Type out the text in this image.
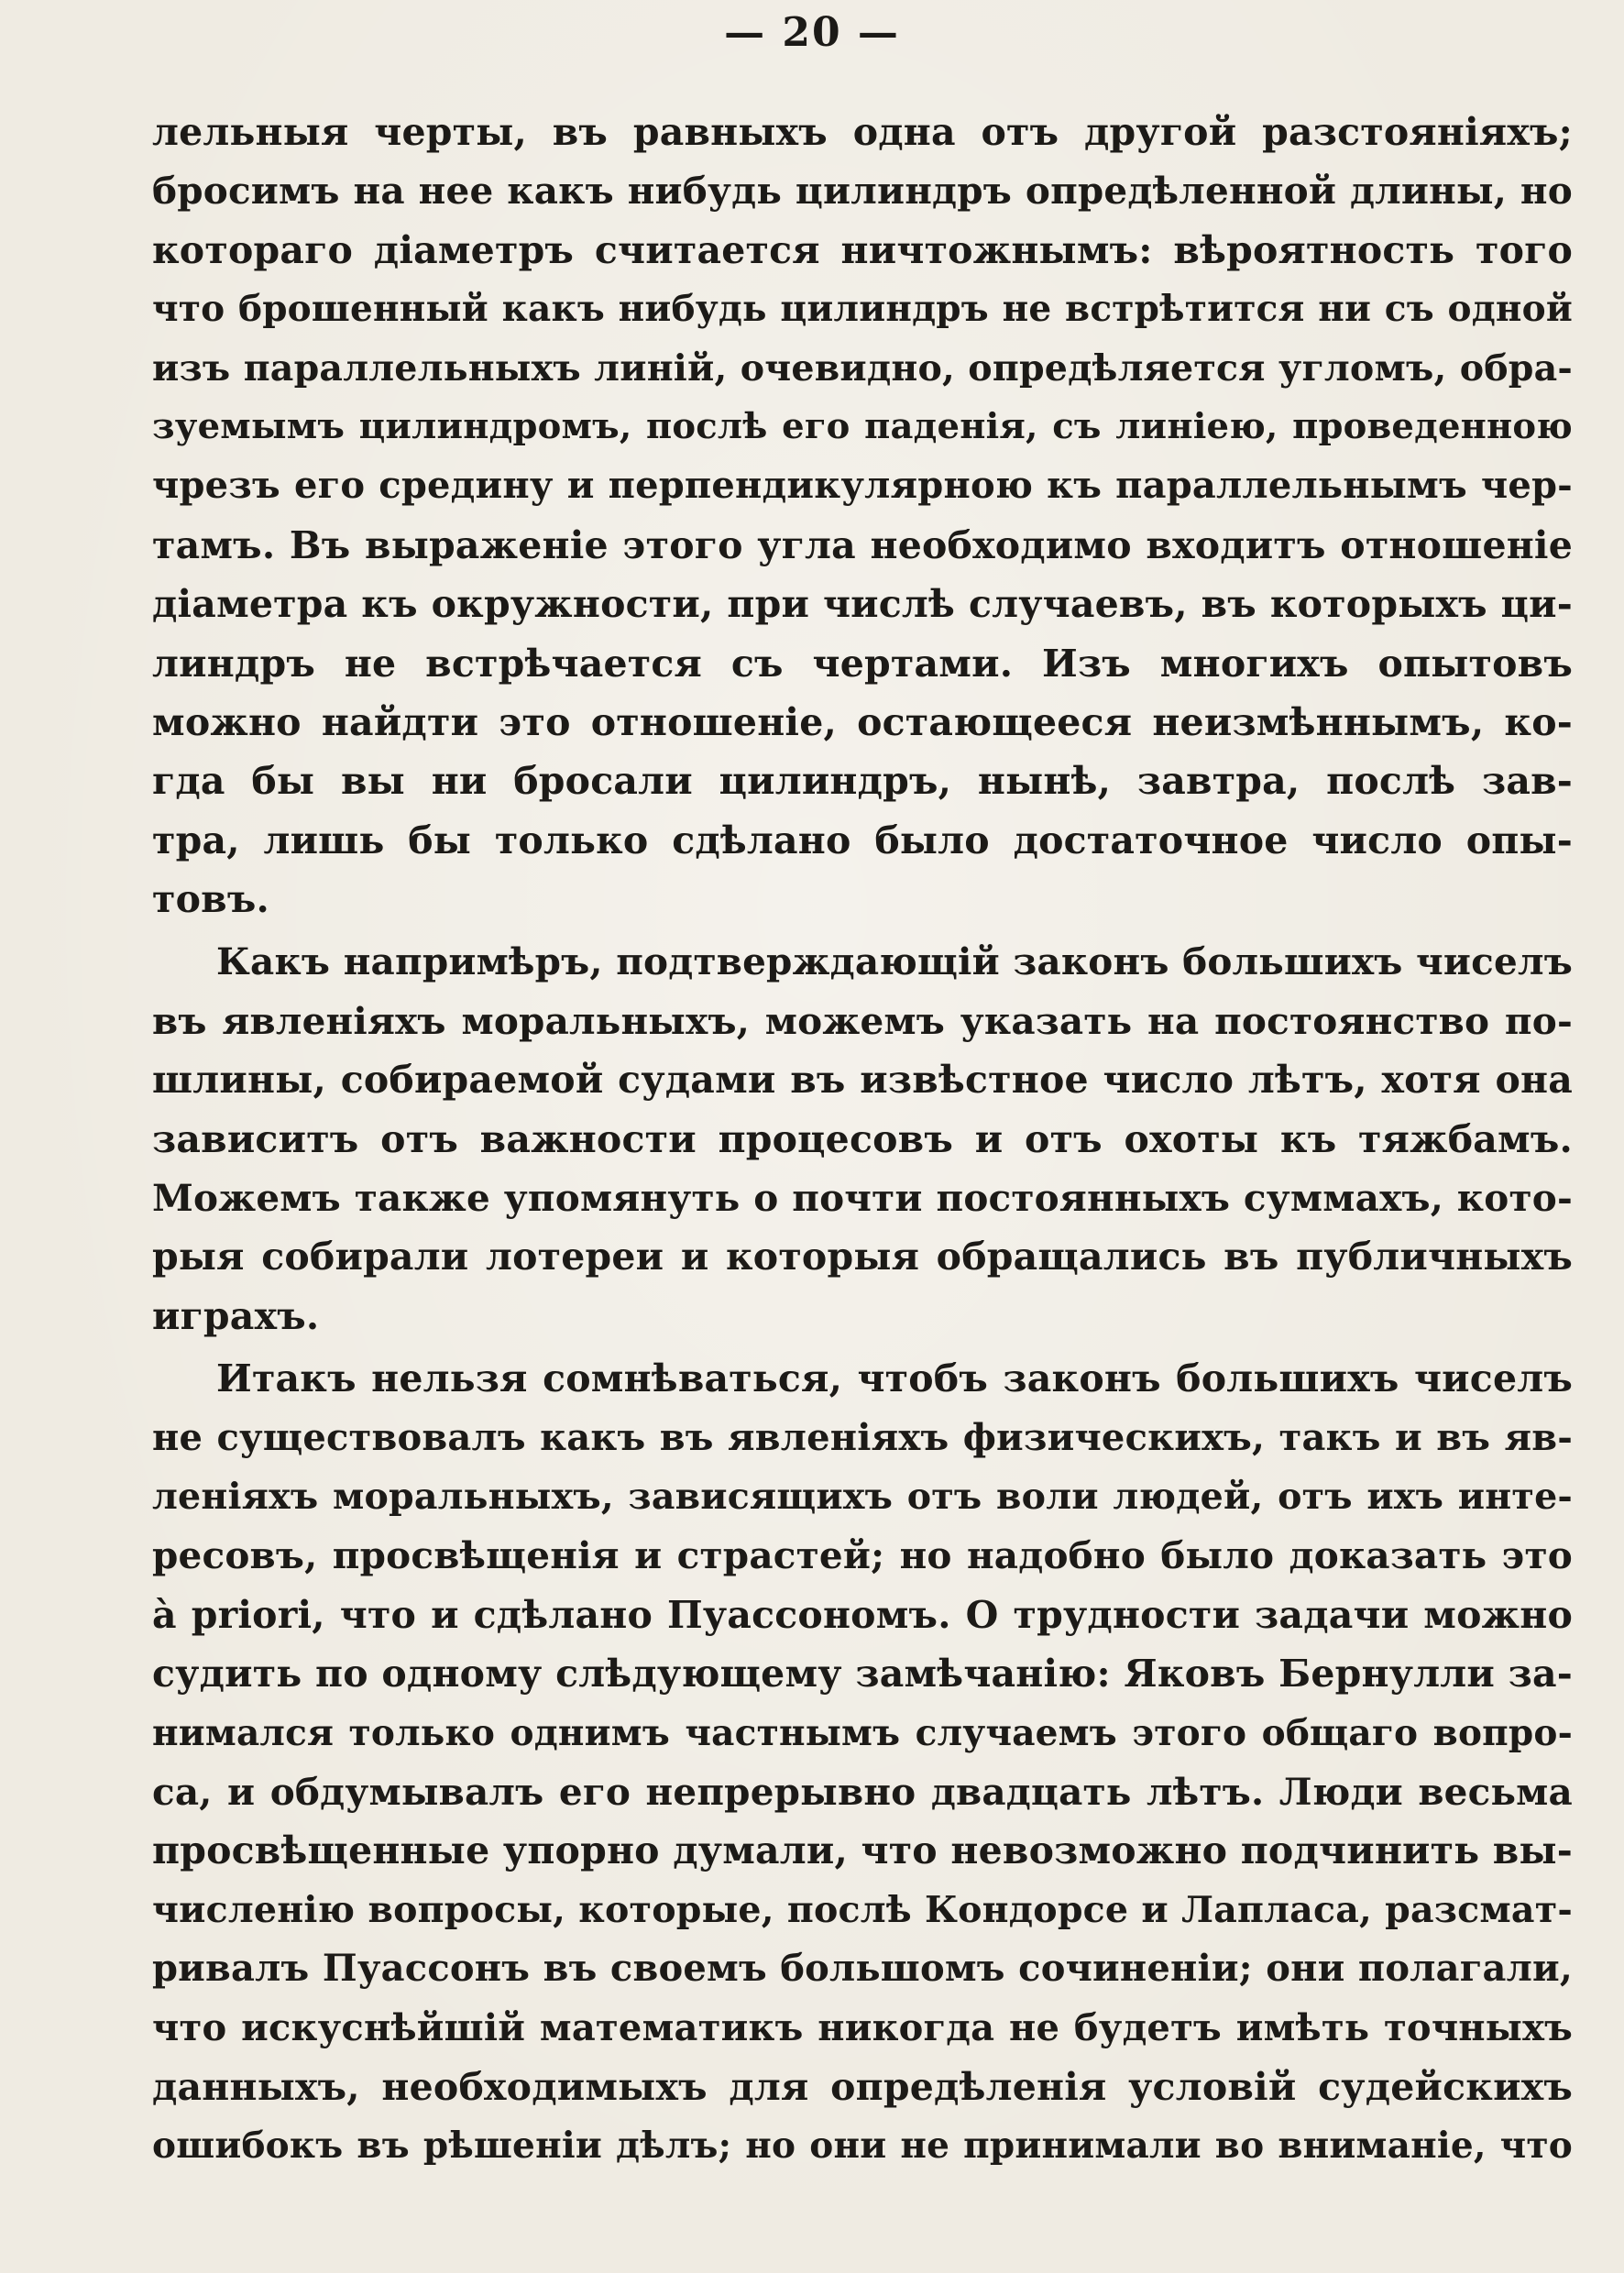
— 20 —
лельныя черты, въ равныхъ одна отъ другой разстояніяхъ;
бросимъ на нее какъ нибудь цилиндръ опредѣленной длины, но
котораго діаметръ считается ничтожнымъ: вѣроятность того
что брошенный какъ нибудь цилиндръ не встрѣтится ни съ одной
изъ параллельныхъ линій, очевидно, опредѣляется угломъ, обра-
зуемымъ цилиндромъ, послѣ его паденія, съ линіею, проведенною
чрезъ его средину и перпендикулярною къ параллельнымъ чер-
тамъ. Въ выраженіе этого угла необходимо входитъ отношеніе
діаметра къ окружности, при числѣ случаевъ, въ которыхъ ци-
линдръ не встрѣчается съ чертами. Изъ многихъ опытовъ
можно найдти это отношеніе, остающееся неизмѣннымъ, ко-
гда бы вы ни бросали цилиндръ, нынѣ, завтра, послѣ зав-
тра, лишь бы только сдѣлано было достаточное число опы-
товъ.
Какъ напримѣръ, подтверждающій законъ большихъ чиселъ
въ явленіяхъ моральныхъ, можемъ указать на постоянство по-
шлины, собираемой судами въ извѣстное число лѣтъ, хотя она
зависитъ отъ важности процесовъ и отъ охоты къ тяжбамъ.
Можемъ также упомянуть о почти постоянныхъ суммахъ, кото-
рыя собирали лотереи и которыя обращались въ публичныхъ
играхъ.
Итакъ нельзя сомнѣваться, чтобъ законъ большихъ чиселъ
не существовалъ какъ въ явленіяхъ физическихъ, такъ и въ яв-
леніяхъ моральныхъ, зависящихъ отъ воли людей, отъ ихъ инте-
ресовъ, просвѣщенія и страстей; но надобно было доказать это
à priori, что и сдѣлано Пуассономъ. О трудности задачи можно
судить по одному слѣдующему замѣчанію: Яковъ Бернулли за-
нимался только однимъ частнымъ случаемъ этого общаго вопро-
са, и обдумывалъ его непрерывно двадцать лѣтъ. Люди весьма
просвѣщенные упорно думали, что невозможно подчинить вы-
численію вопросы, которые, послѣ Кондорсе и Лапласа, разсмат-
ривалъ Пуассонъ въ своемъ большомъ сочиненіи; они полагали,
что искуснѣйшій математикъ никогда не будетъ имѣть точныхъ
данныхъ, необходимыхъ для опредѣленія условій судейскихъ
ошибокъ въ рѣшеніи дѣлъ; но они не принимали во вниманіе, что
